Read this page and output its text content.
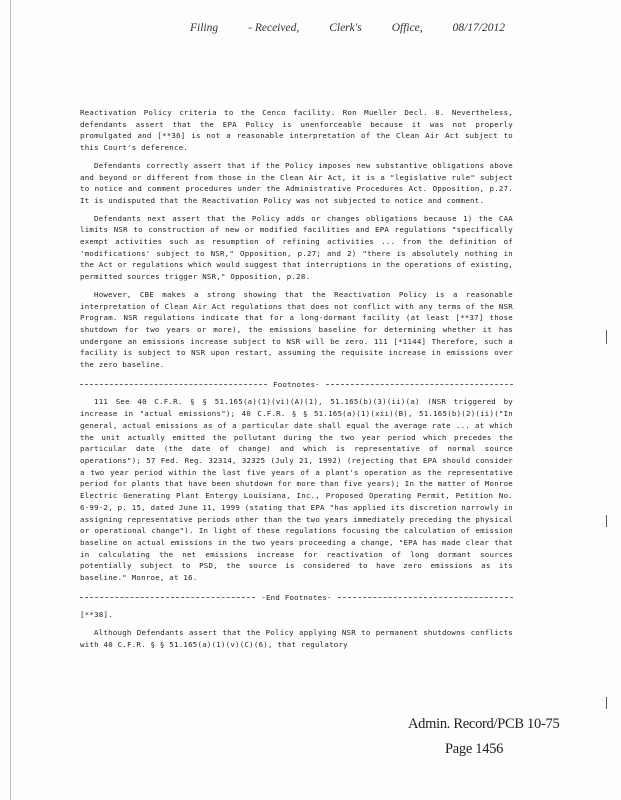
Filing	- Received,	Clerk's	Office,	08/17/2012

Reactivation Policy criteria to the Cenco facility. Ron Mueller Decl. 8. Nevertheless, defendants assert that the EPA Policy is unenforceable because it was not properly promulgated and [**36] is not a reasonable interpretation of the Clean Air Act subject to this Court's deference.

Defendants correctly assert that if the Policy imposes new substantive obligations above and beyond or different from those in the Clean Air Act, it is a "legislative rule" subject to notice and comment procedures under the Administrative Procedures Act. Opposition, p.27. It is undisputed that the Reactivation Policy was not subjected to notice and comment.

Defendants next assert that the Policy adds or changes obligations because 1) the CAA limits NSR to construction of new or modified facilities and EPA regulations "specifically exempt activities such as resumption of refining activities ... from the definition of 'modifications' subject to NSR," Opposition, p.27; and 2) "there is absolutely nothing in the Act or regulations which would suggest that interruptions in the operations of existing, permitted sources trigger NSR," Opposition, p.28.

However, CBE makes a strong showing that the Reactivation Policy is a reasonable interpretation of Clean Air Act regulations that does not conflict with any terms of the NSR Program. NSR regulations indicate that for a long-dormant facility (at least [**37] those shutdown for two years or more), the emissions baseline for determining whether it has undergone an emissions increase subject to NSR will be zero. 111 [*1144] Therefore, such a facility is subject to NSR upon restart, assuming the requisite increase in emissions over the zero baseline.

Footnotes-

111 See 40 C.F.R. § § 51.165(a)(1)(vi)(A)(1), 51.165(b)(3)(ii)(a) (NSR triggered by increase in "actual emissions"); 40 C.F.R. § § 51.165(a)(1)(xii)(B), 51.165(b)(2)(ii)("In general, actual emissions as of a particular date shall equal the average rate ... at which the unit actually emitted the pollutant during the two year period which precedes the particular date (the date of change) and which is representative of normal source operations"); 57 Fed. Reg. 32314, 32325 (July 21, 1992) (rejecting that EPA should consider a two year period within the last five years of a plant's operation as the representative period for plants that have been shutdown for more than five years); In the matter of Monroe Electric Generating Plant Entergy Louisiana, Inc., Proposed Operating Permit, Petition No. 6-99-2, p. 15, dated June 11, 1999 (stating that EPA "has applied its discretion narrowly in assigning representative periods other than the two years immediately preceding the physical or operational change"). In light of these regulations focusing the calculation of emission baseline on actual emissions in the two years proceeding a change, "EPA has made clear that in calculating the net emissions increase for reactivation of long dormant sources potentially subject to PSD, the source is considered to have zero emissions as its baseline." Monroe, at 16.

-End Footnotes-

[**38].

Although Defendants assert that the Policy applying NSR to permanent shutdowns conflicts with 40 C.F.R. § § 51.165(a)(1)(v)(C)(6), that regulatory

Admin. Record/PCB 10-75
Page 1456
